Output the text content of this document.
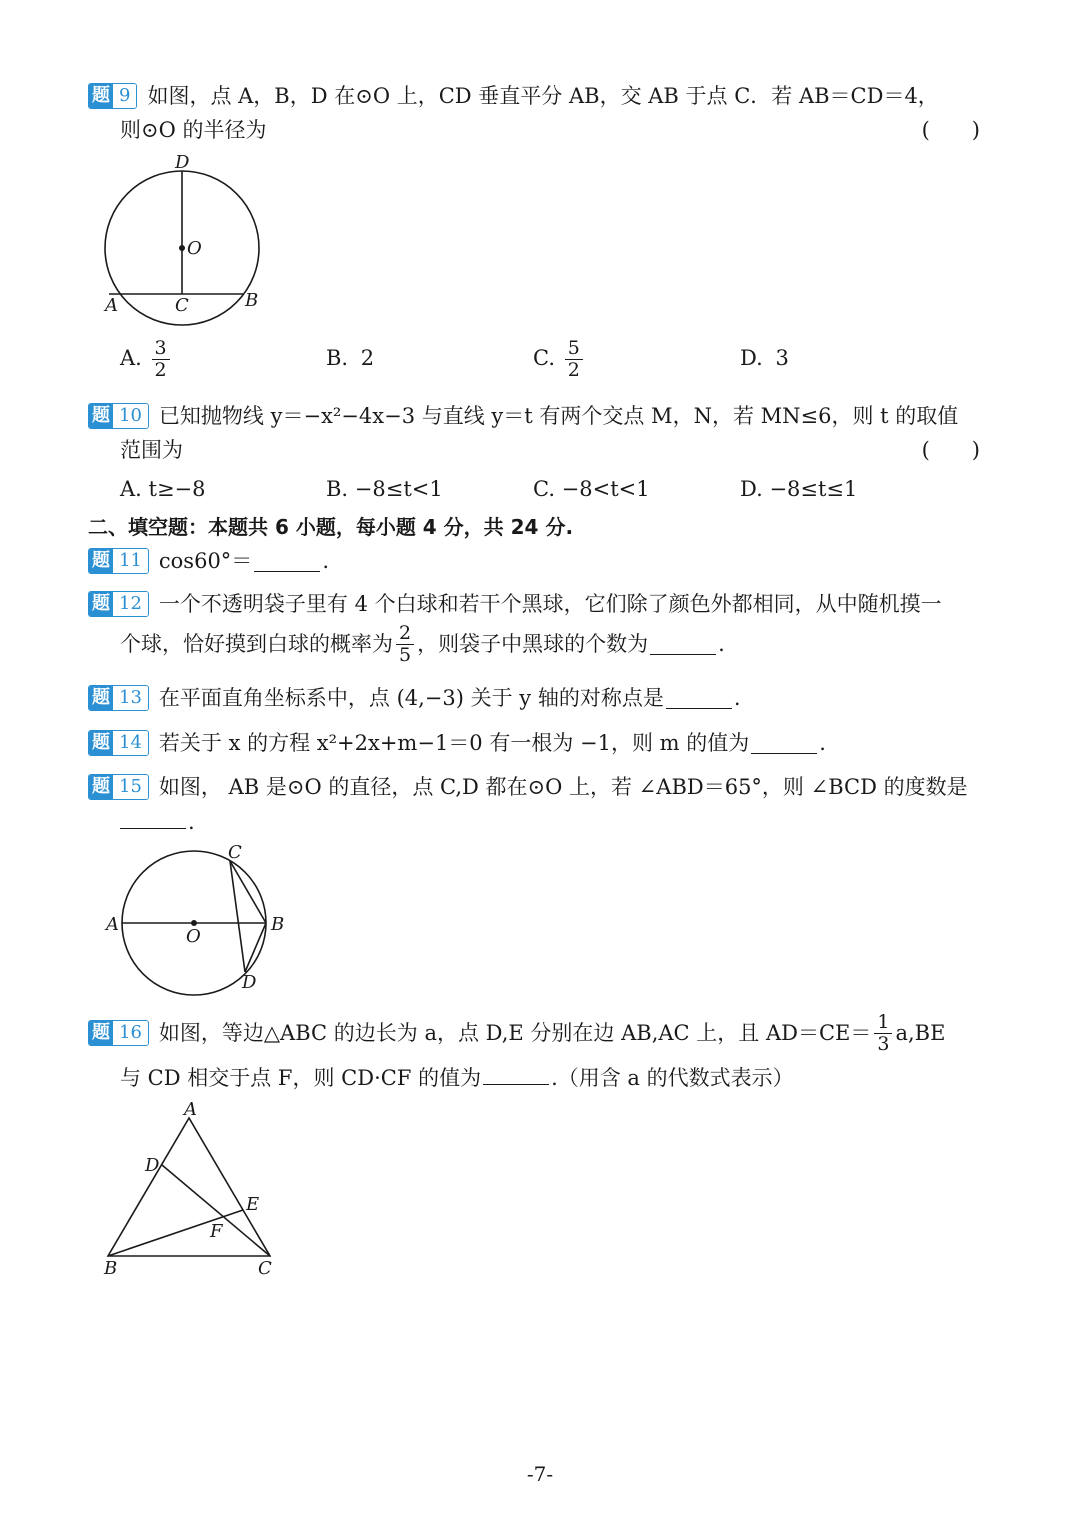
题 9 如图，点 A，B，D 在⊙O 上，CD 垂直平分 AB，交 AB 于点 C．若 AB＝CD＝4，
则⊙O 的半径为	(　　)
D
O
A	C	B
A. $\frac{3}{2}$	B. 2	C. $\frac{5}{2}$	D. 3
题 10 已知抛物线 y＝−x²−4x−3 与直线 y＝t 有两个交点 M，N，若 MN≤6，则 t 的取值
范围为	(　　)
A. t≥−8	B. −8≤t<1	C. −8<t<1	D. −8≤t≤1
二、填空题：本题共 6 小题，每小题 4 分，共 24 分.
题 11 cos60°＝	.
题 12 一个不透明袋子里有 4 个白球和若干个黑球，它们除了颜色外都相同，从中随机摸一
个球，恰好摸到白球的概率为 $\frac{2}{5}$ ，则袋子中黑球的个数为	.
题 13 在平面直角坐标系中，点 (4,−3) 关于 y 轴的对称点是	.
题 14 若关于 x 的方程 x²+2x+m−1＝0 有一根为 −1，则 m 的值为	.
题 15 如图， AB 是⊙O 的直径，点 C,D 都在⊙O 上，若 ∠ABD＝65°，则 ∠BCD 的度数是
.
A
O
B
C
D
题 16 如图，等边△ABC 的边长为 a，点 D,E 分别在边 AB,AC 上，且 $AD=CE= \frac{1}{3} a,BE$
与 CD 相交于点 F，则 CD·CF 的值为	.（用含 a 的代数式表示）
A
D
E
F
B	C
-7-
